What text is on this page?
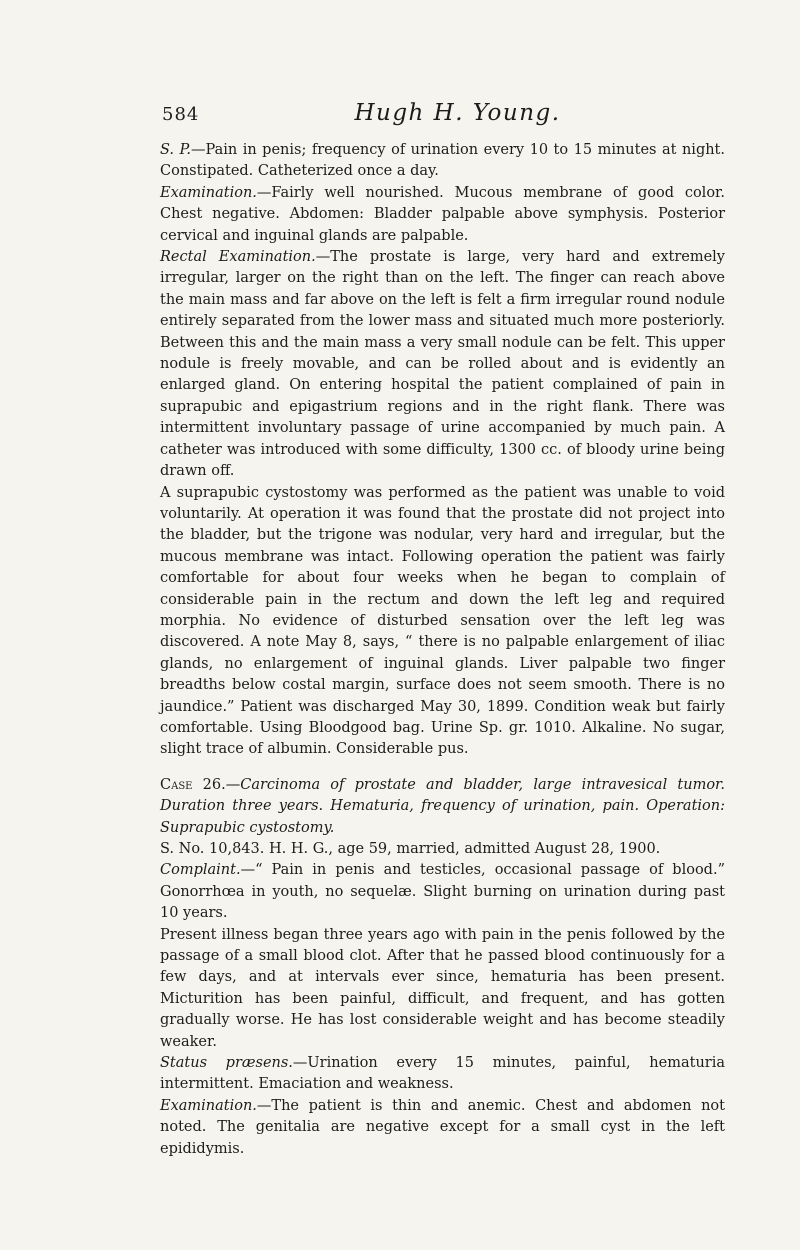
584	Hugh H. Young.

S. P.—Pain in penis; frequency of urination every 10 to 15 minutes at night. Constipated. Catheterized once a day.

Examination.—Fairly well nourished. Mucous membrane of good color. Chest negative. Abdomen: Bladder palpable above symphysis. Posterior cervical and inguinal glands are palpable.

Rectal Examination.—The prostate is large, very hard and extremely irregular, larger on the right than on the left. The finger can reach above the main mass and far above on the left is felt a firm irregular round nodule entirely separated from the lower mass and situated much more posteriorly. Between this and the main mass a very small nodule can be felt. This upper nodule is freely movable, and can be rolled about and is evidently an enlarged gland. On entering hospital the patient complained of pain in suprapubic and epigastrium regions and in the right flank. There was intermittent involuntary passage of urine accompanied by much pain. A catheter was introduced with some difficulty, 1300 cc. of bloody urine being drawn off.

A suprapubic cystostomy was performed as the patient was unable to void voluntarily. At operation it was found that the prostate did not project into the bladder, but the trigone was nodular, very hard and irregular, but the mucous membrane was intact. Following operation the patient was fairly comfortable for about four weeks when he began to complain of considerable pain in the rectum and down the left leg and required morphia. No evidence of disturbed sensation over the left leg was discovered. A note May 8, says, “ there is no palpable enlargement of iliac glands, no enlargement of inguinal glands. Liver palpable two finger breadths below costal margin, surface does not seem smooth. There is no jaundice.” Patient was discharged May 30, 1899. Condition weak but fairly comfortable. Using Bloodgood bag. Urine Sp. gr. 1010. Alkaline. No sugar, slight trace of albumin. Considerable pus.

Case 26.—Carcinoma of prostate and bladder, large intravesical tumor. Duration three years. Hematuria, frequency of urination, pain. Operation: Suprapubic cystostomy.

S. No. 10,843. H. H. G., age 59, married, admitted August 28, 1900.

Complaint.—“ Pain in penis and testicles, occasional passage of blood.” Gonorrhœa in youth, no sequelæ. Slight burning on urination during past 10 years.

Present illness began three years ago with pain in the penis followed by the passage of a small blood clot. After that he passed blood continuously for a few days, and at intervals ever since, hematuria has been present. Micturition has been painful, difficult, and frequent, and has gotten gradually worse. He has lost considerable weight and has become steadily weaker.

Status præsens.—Urination every 15 minutes, painful, hematuria intermittent. Emaciation and weakness.

Examination.—The patient is thin and anemic. Chest and abdomen not noted. The genitalia are negative except for a small cyst in the left epididymis.
